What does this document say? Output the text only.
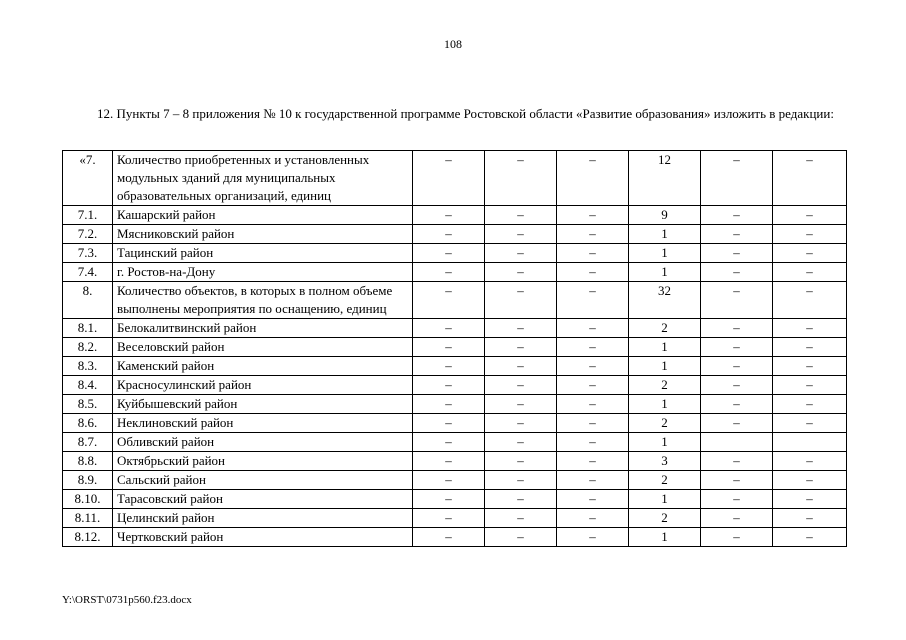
108

12. Пункты 7 – 8 приложения № 10 к государственной программе Ростовской области «Развитие образования» изложить в редакции:

«7.	Количество приобретенных и установленных модульных зданий для муниципальных образовательных организаций, единиц	–	–	–	12	–	–
7.1.	Кашарский район	–	–	–	9	–	–
7.2.	Мясниковский район	–	–	–	1	–	–
7.3.	Тацинский район	–	–	–	1	–	–
7.4.	г. Ростов-на-Дону	–	–	–	1	–	–
8.	Количество объектов, в которых в полном объеме выполнены мероприятия по оснащению, единиц	–	–	–	32	–	–
8.1.	Белокалитвинский район	–	–	–	2	–	–
8.2.	Веселовский район	–	–	–	1	–	–
8.3.	Каменский район	–	–	–	1	–	–
8.4.	Красносулинский район	–	–	–	2	–	–
8.5.	Куйбышевский район	–	–	–	1	–	–
8.6.	Неклиновский район	–	–	–	2	–	–
8.7.	Обливский район	–	–	–	1		
8.8.	Октябрьский район	–	–	–	3	–	–
8.9.	Сальский район	–	–	–	2	–	–
8.10.	Тарасовский район	–	–	–	1	–	–
8.11.	Целинский район	–	–	–	2	–	–
8.12.	Чертковский район	–	–	–	1	–	–
Y:\ORST\0731p560.f23.docx
